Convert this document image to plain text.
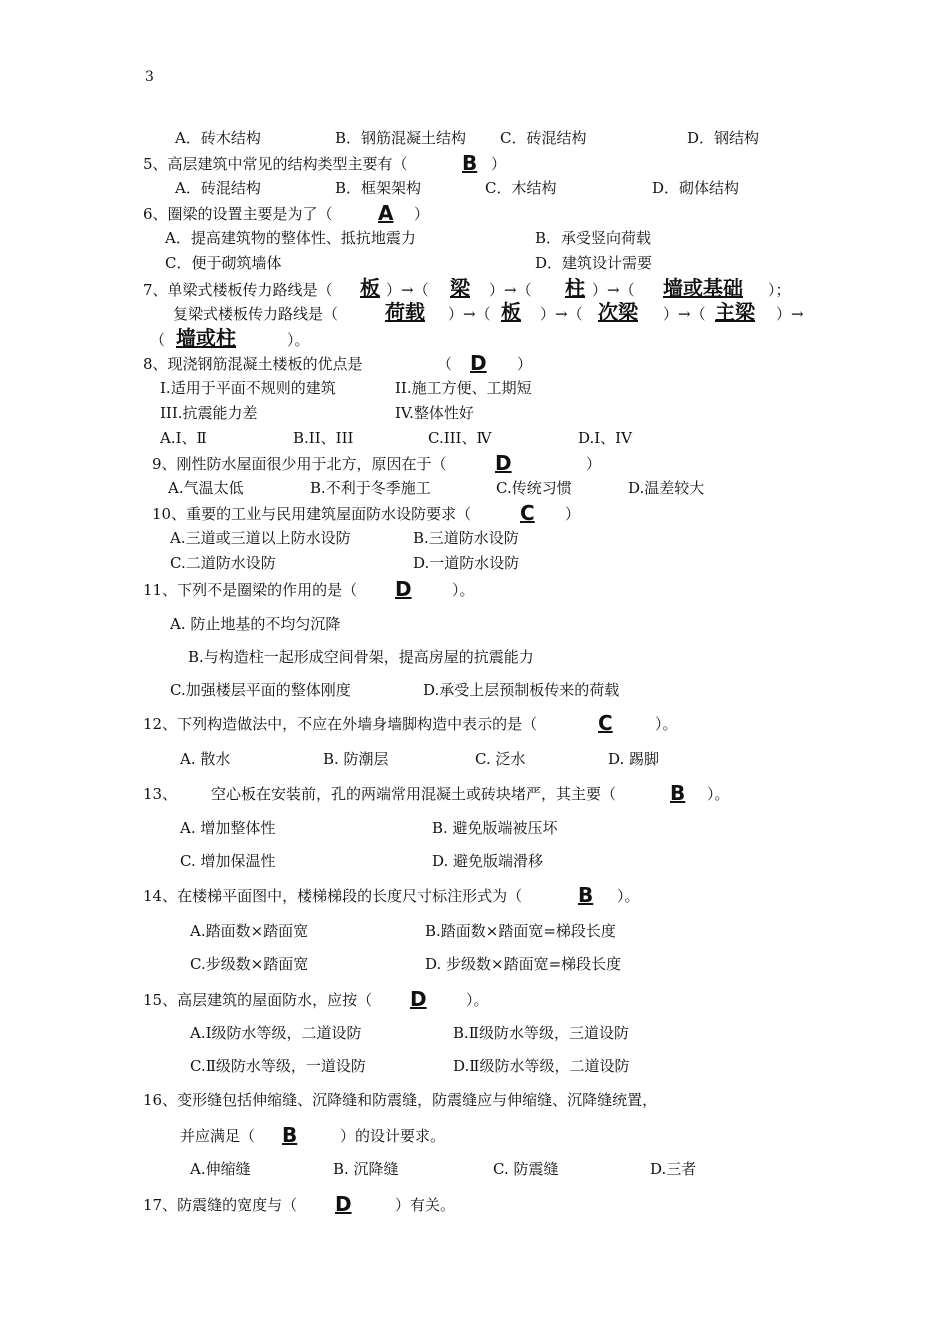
3
A．砖木结构	B．钢筋混凝土结构 C．砖混结构	D．钢结构
5、高层建筑中常见的结构类型主要有（	）
A．砖混结构	B．框架架构	C．木结构	D．砌体结构
6、圈梁的设置主要是为了（	）
A．提高建筑物的整体性、抵抗地震力	B．承受竖向荷载
C．便于砌筑墙体	D．建筑设计需要
7、单梁式楼板传力路线是（	）→（	）→（	）→（	）；
复梁式楼板传力路线是（	）→（	）→（	）→（	）→
（	）。
8、现浇钢筋混凝土楼板的优点是	（	）
I.适用于平面不规则的建筑	II.施工方便、工期短
III.抗震能力差	IV.整体性好
A.I、Ⅱ	B.II、III	C.III、Ⅳ	D.I、IV
9、刚性防水屋面很少用于北方，原因在于（	）
A.气温太低	B.不利于冬季施工	C.传统习惯	D.温差较大
10、重要的工业与民用建筑屋面防水设防要求（	）
A.三道或三道以上防水设防	B.三道防水设防
C.二道防水设防	D.一道防水设防
11、下列不是圈梁的作用的是（	）。
A. 防止地基的不均匀沉降
B.与构造柱一起形成空间骨架，提高房屋的抗震能力
C.加强楼层平面的整体刚度	D.承受上层预制板传来的荷载
12、下列构造做法中，不应在外墙身墙脚构造中表示的是（	）。
A. 散水	B. 防潮层	C. 泛水	D. 踢脚
13、 空心板在安装前，孔的两端常用混凝土或砖块堵严，其主要（	）。
A. 增加整体性	B. 避免版端被压坏
C. 增加保温性	D. 避免版端滑移
14、在楼梯平面图中，楼梯梯段的长度尺寸标注形式为（	）。
A.踏面数×踏面宽	B.踏面数×踏面宽=梯段长度
C.步级数×踏面宽	D. 步级数×踏面宽=梯段长度
15、高层建筑的屋面防水，应按（	）。
A.Ⅰ级防水等级，二道设防	B.Ⅱ级防水等级，三道设防
C.Ⅱ级防水等级，一道设防	D.Ⅱ级防水等级，二道设防
16、变形缝包括伸缩缝、沉降缝和防震缝，防震缝应与伸缩缝、沉降缝统置，
并应满足（	）的设计要求。
A.伸缩缝	B. 沉降缝	C. 防震缝	D.三者
17、防震缝的宽度与（	）有关。
B
A
板	梁	柱	墙或基础
荷载	板	次梁	主梁
墙或柱
D
D
C
D
C
B
B
D
B
D
